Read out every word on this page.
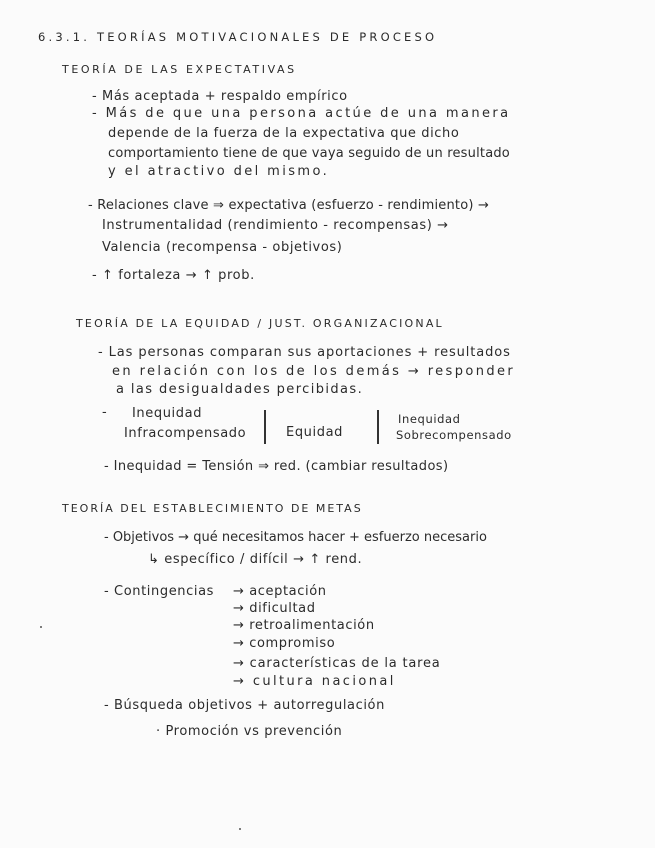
6.3.1. TEORÍAS MOTIVACIONALES DE PROCESO
TEORÍA DE LAS EXPECTATIVAS
- Más aceptada + respaldo empírico
- Más de que una persona actúe de una manera
depende de la fuerza de la expectativa que dicho
comportamiento tiene de que vaya seguido de un resultado
y el atractivo del mismo.
- Relaciones clave ⇒ expectativa (esfuerzo - rendimiento) →
Instrumentalidad (rendimiento - recompensas) →
Valencia (recompensa - objetivos)
- ↑ fortaleza → ↑ prob.
TEORÍA DE LA EQUIDAD / JUST. ORGANIZACIONAL
- Las personas comparan sus aportaciones + resultados
en relación con los de los demás → responder
a las desigualdades percibidas.
- Inequidad
Infracompensado	Equidad
Inequidad
Sobrecompensado
- Inequidad = Tensión ⇒ red. (cambiar resultados)
TEORÍA DEL ESTABLECIMIENTO DE METAS
- Objetivos → qué necesitamos hacer + esfuerzo necesario
↳ específico / difícil → ↑ rend.
- Contingencias → aceptación
→ dificultad
→ retroalimentación
→ compromiso
→ características de la tarea
→ cultura nacional
- Búsqueda objetivos + autorregulación
· Promoción vs prevención
